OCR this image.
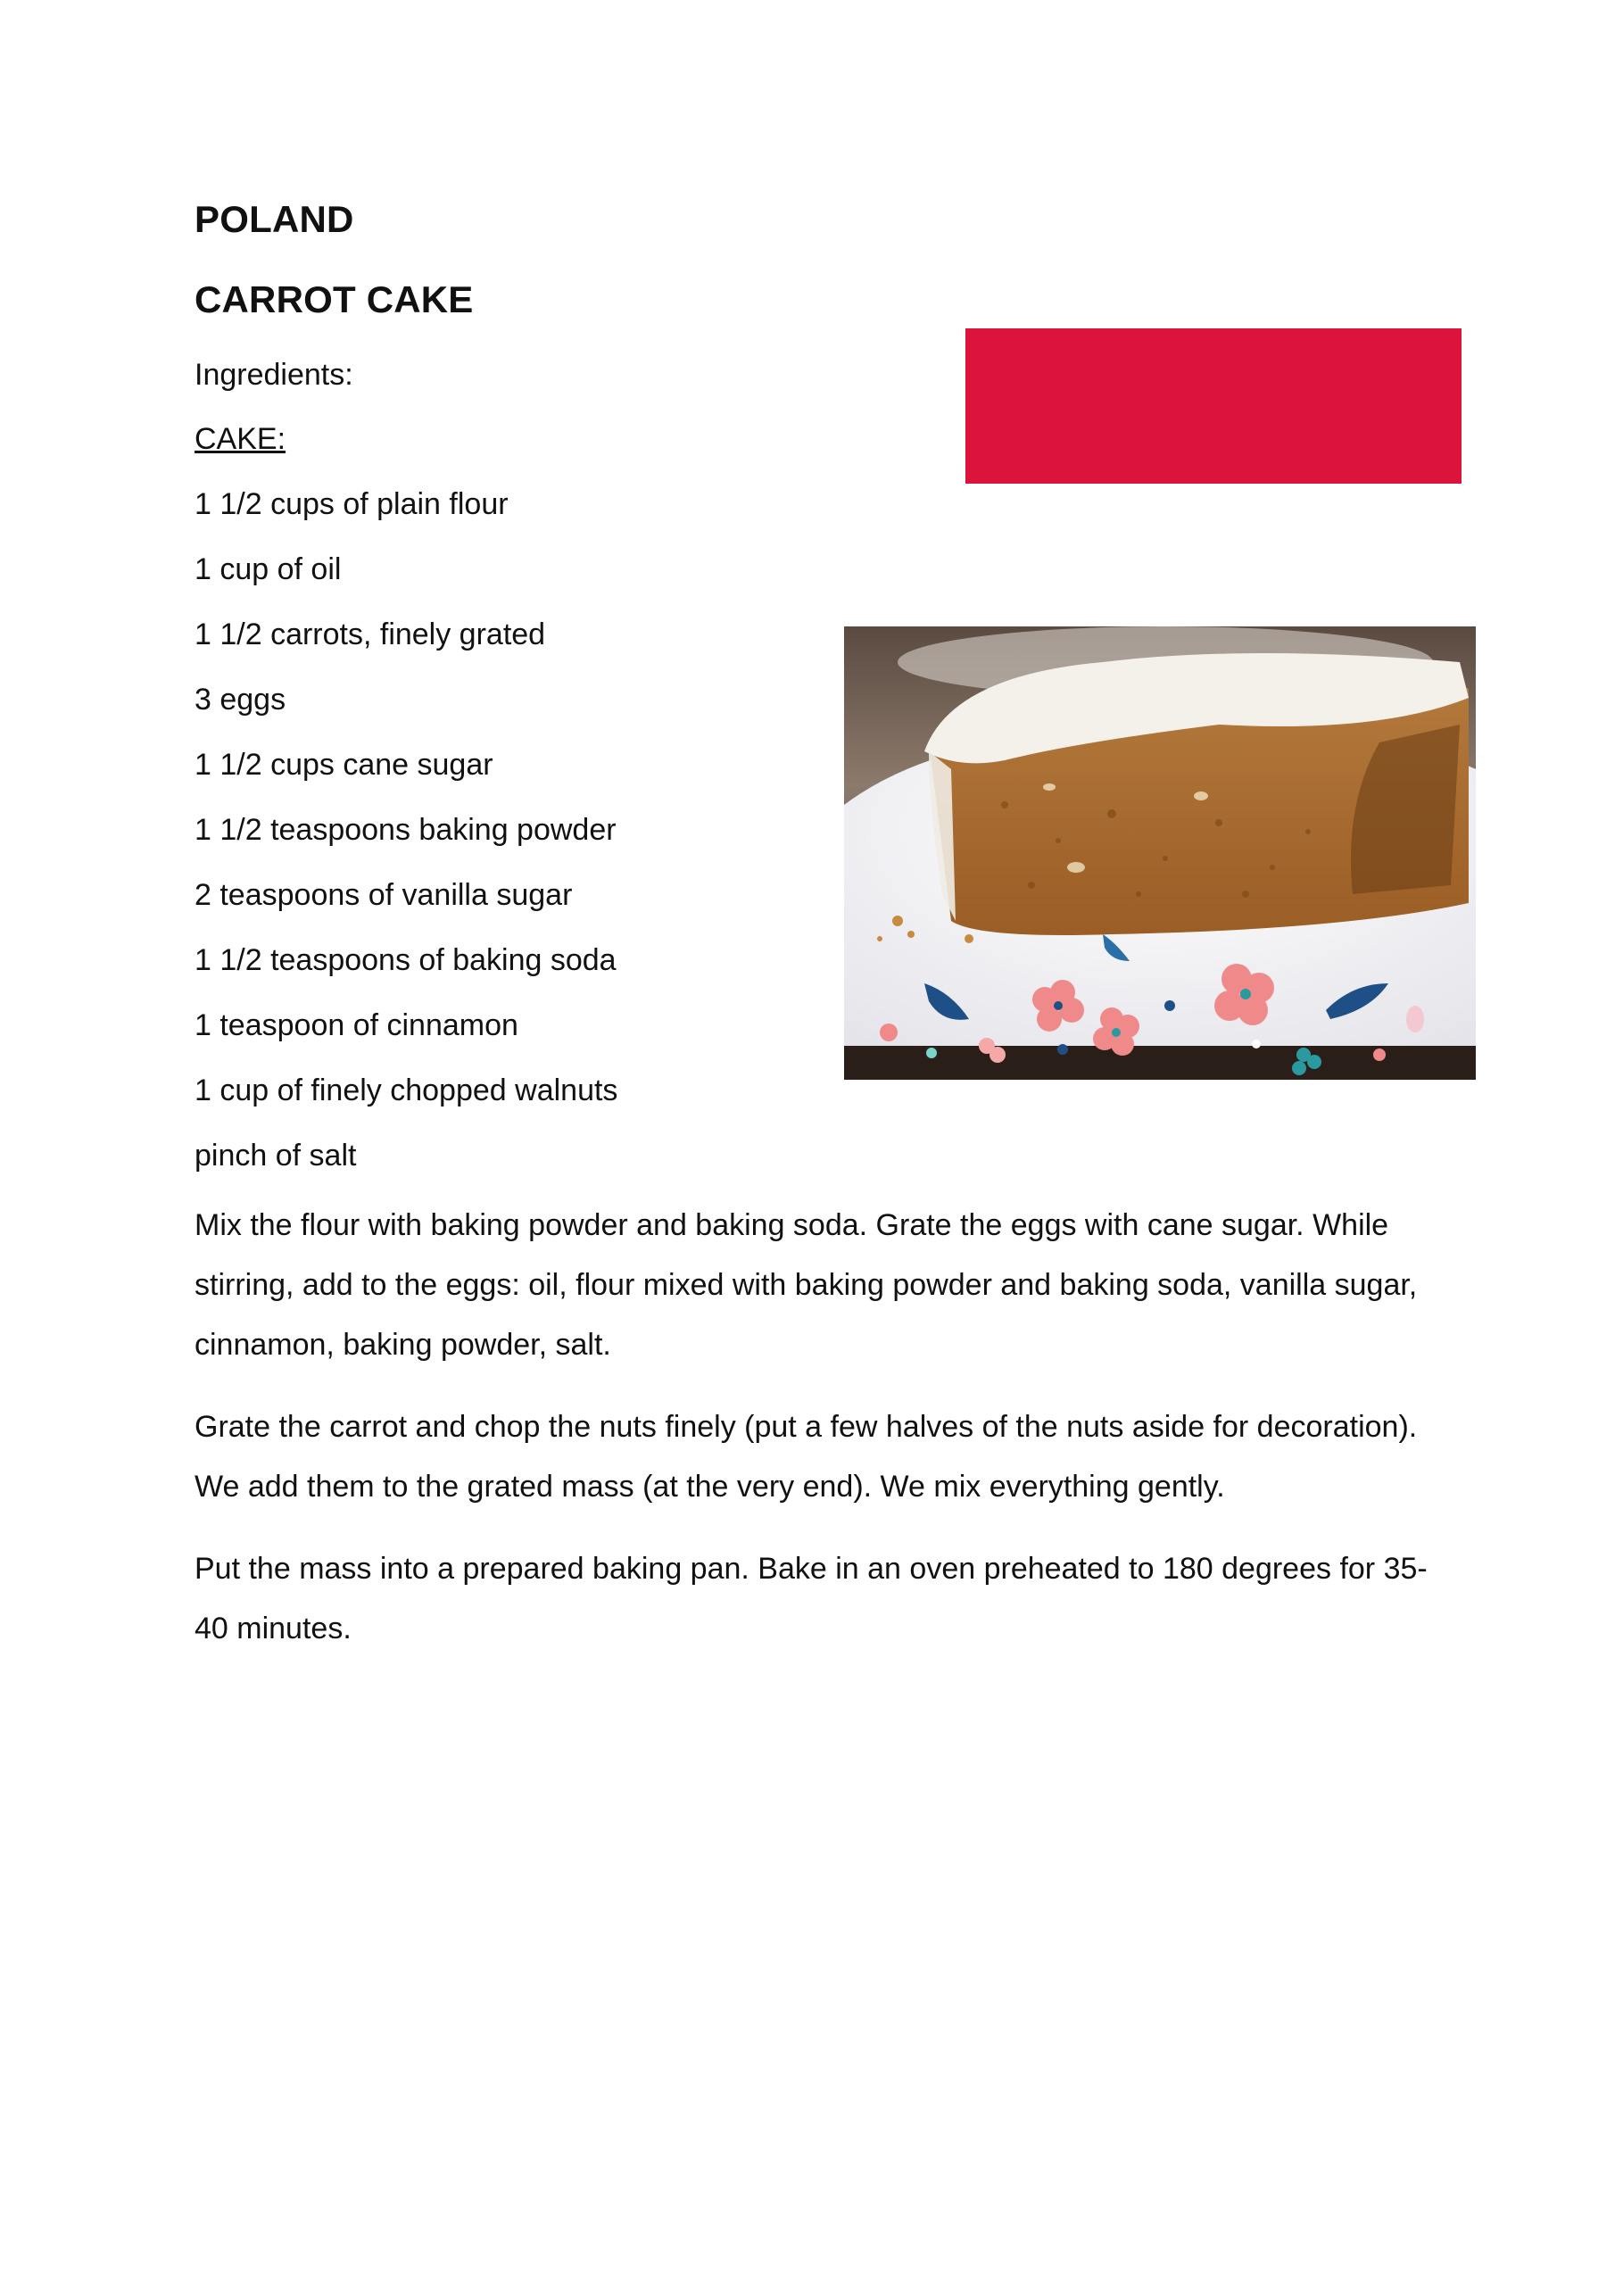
POLAND
CARROT CAKE

Ingredients:

CAKE:

1 1/2 cups of plain flour

1 cup of oil

1 1/2 carrots, finely grated

3 eggs

1 1/2 cups cane sugar

1 1/2 teaspoons baking powder

2 teaspoons of vanilla sugar

1 1/2 teaspoons of baking soda

1 teaspoon of cinnamon

1 cup of finely chopped walnuts

pinch of salt

Mix the flour with baking powder and baking soda. Grate the eggs with cane sugar. While stirring, add to the eggs: oil, flour mixed with baking powder and baking soda, vanilla sugar, cinnamon, baking powder, salt.

Grate the carrot and chop the nuts finely (put a few halves of the nuts aside for decoration). We add them to the grated mass (at the very end). We mix everything gently.

Put the mass into a prepared baking pan. Bake in an oven preheated to 180 degrees for 35-40 minutes.
